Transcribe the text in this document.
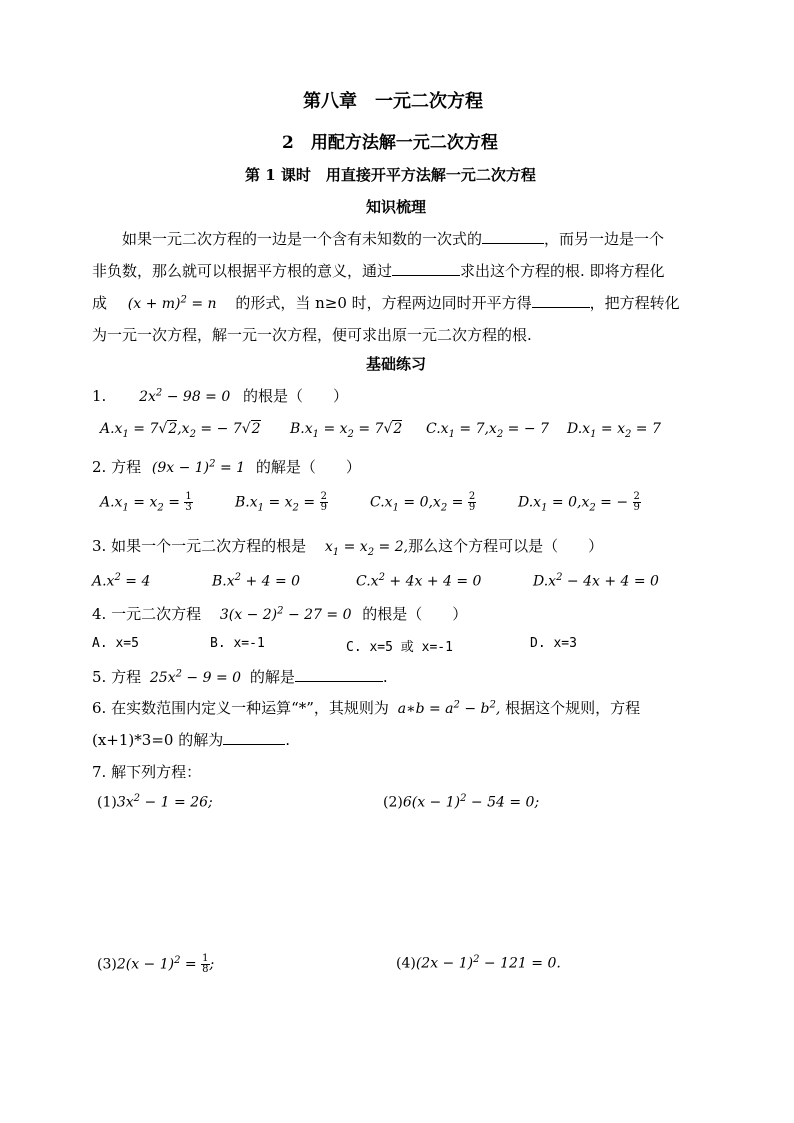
第八章　一元二次方程
2　用配方法解一元二次方程
第 1 课时　用直接开平方法解一元二次方程
知识梳理
如果一元二次方程的一边是一个含有未知数的一次式的	，而另一边是一个
非负数，那么就可以根据平方根的意义，通过	求出这个方程的根. 即将方程化
成 $(x + m)^2 = n$ 的形式，当 n≥0 时，方程两边同时开平方得	，把方程转化
为一元一次方程，解一元一次方程，便可求出原一元二次方程的根.
基础练习
1. $2x^2 - 98 = 0$ 的根是（　　）
$A.x_1 = 7√2,x_2$ = − 7√2 $B.x_1 = x_2 = 7√2$ $C.x_1 = 7,x_2$ = − 7 $D.x_1 = x_2 = 7$
2. 方程 $(9x - 1)^2 = 1$ 的解是（　　）
$A.x_1 = x_2 = \frac{1}{3}$	$B.x_1 = x_2 = \frac{2}{9}$	$C.x_1 = 0,x_2 = \frac{2}{9}$	$D.x_1 = 0,x_2$ = − $\frac{2}{9}$
3. 如果一个一元二次方程的根是 $x_1 = x_2 = 2$,那么这个方程可以是（　　）
$A.x^2 = 4$	$B.x^2 + 4 = 0$	$C.x^2 + 4x + 4 = 0$	$D.x^2 - 4x + 4 = 0$
4. 一元二次方程 $3(x - 2)^2 - 27 = 0$ 的根是（　　）
A. x=5	B. x=-1	C. x=5 或 x=-1	D. x=3
5. 方程 $25x^2 - 9 = 0$ 的解是	.
6. 在实数范围内定义一种运算“*”，其规则为 a∗b = $a^2 - b^2$, 根据这个规则，方程
(x+1)*3=0 的解为	.
7. 解下列方程：
$(1)3x^2 - 1 = 26$;	$(2)6(x - 1)^2 - 54 = 0$;
$(3)2(x - 1)^2 = \frac{1}{8}$ ;	$(4)(2x - 1)^2 - 121 = 0$.
